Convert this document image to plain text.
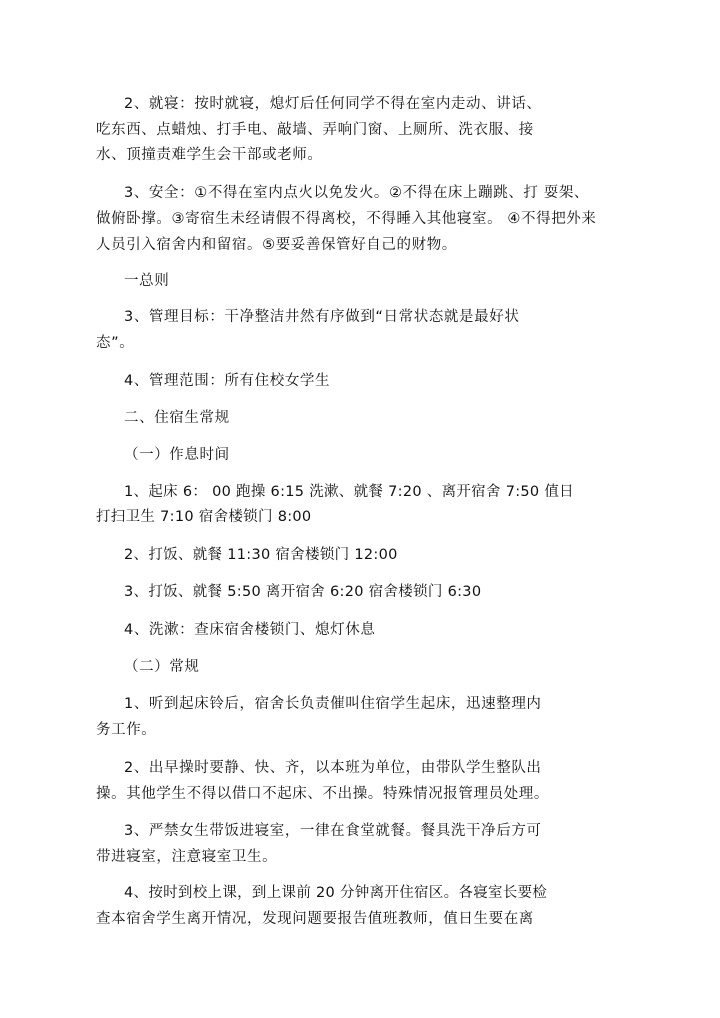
2、就寝：按时就寝，熄灯后任何同学不得在室内走动、讲话、
吃东西、点蜡烛、打手电、敲墙、弄响门窗、上厕所、洗衣服、接
水、顶撞责难学生会干部或老师。
3、安全：①不得在室内点火以免发火。②不得在床上蹦跳、打 耍架、
做俯卧撑。③寄宿生未经请假不得离校，不得睡入其他寝室。 ④不得把外来
人员引入宿舍内和留宿。⑤要妥善保管好自己的财物。
一总则
3、管理目标：干净整洁井然有序做到“日常状态就是最好状
态”。
4、管理范围：所有住校女学生
二、住宿生常规
（一）作息时间
1、起床 6： 00 跑操 6:15 洗漱、就餐 7:20 、离开宿舍 7:50 值日
打扫卫生 7:10 宿舍楼锁门 8:00
2、打饭、就餐 11:30 宿舍楼锁门 12:00
3、打饭、就餐 5:50 离开宿舍 6:20 宿舍楼锁门 6:30
4、洗漱：查床宿舍楼锁门、熄灯休息
（二）常规
1、听到起床铃后，宿舍长负责催叫住宿学生起床，迅速整理内
务工作。
2、出早操时要静、快、齐，以本班为单位，由带队学生整队出
操。其他学生不得以借口不起床、不出操。特殊情况报管理员处理。
3、严禁女生带饭进寝室，一律在食堂就餐。餐具洗干净后方可
带进寝室，注意寝室卫生。
4、按时到校上课，到上课前 20 分钟离开住宿区。各寝室长要检
查本宿舍学生离开情况，发现问题要报告值班教师，值日生要在离
